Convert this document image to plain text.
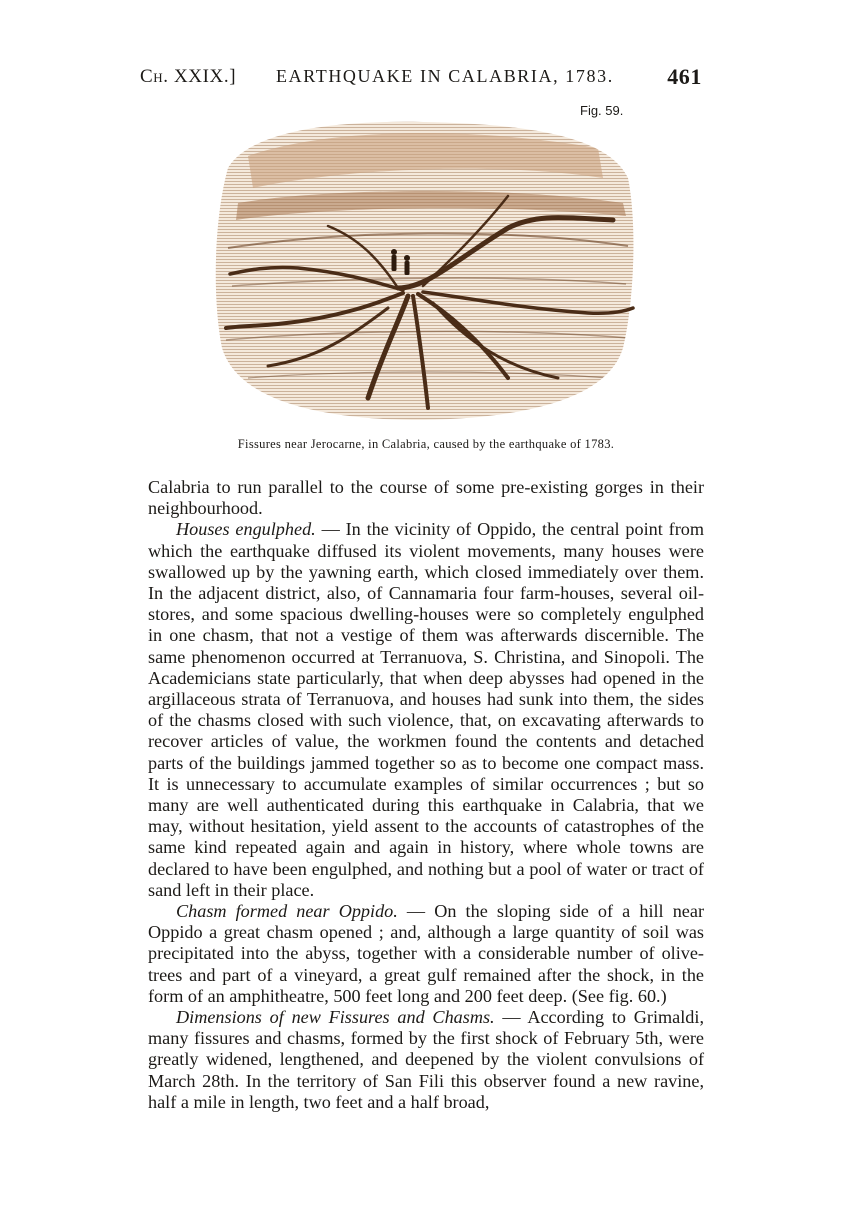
Ch. XXIX.] EARTHQUAKE IN CALABRIA, 1783. 461
Fig. 59.
Fissures near Jerocarne, in Calabria, caused by the earthquake of 1783.

Calabria to run parallel to the course of some pre-existing gorges in their neighbourhood.

Houses engulphed. — In the vicinity of Oppido, the central point from which the earthquake diffused its violent movements, many houses were swallowed up by the yawning earth, which closed immediately over them. In the adjacent district, also, of Cannamaria four farm-houses, several oil-stores, and some spacious dwelling-houses were so completely engulphed in one chasm, that not a vestige of them was afterwards discernible. The same phenomenon occurred at Terranuova, S. Christina, and Sinopoli. The Academicians state particularly, that when deep abysses had opened in the argillaceous strata of Terranuova, and houses had sunk into them, the sides of the chasms closed with such violence, that, on excavating afterwards to recover articles of value, the workmen found the contents and detached parts of the buildings jammed together so as to become one compact mass. It is unnecessary to accumulate examples of similar occurrences ; but so many are well authenticated during this earthquake in Calabria, that we may, without hesitation, yield assent to the accounts of catastrophes of the same kind repeated again and again in history, where whole towns are declared to have been engulphed, and nothing but a pool of water or tract of sand left in their place.

Chasm formed near Oppido. — On the sloping side of a hill near Oppido a great chasm opened ; and, although a large quantity of soil was precipitated into the abyss, together with a considerable number of olive-trees and part of a vineyard, a great gulf remained after the shock, in the form of an amphitheatre, 500 feet long and 200 feet deep. (See fig. 60.)

Dimensions of new Fissures and Chasms. — According to Grimaldi, many fissures and chasms, formed by the first shock of February 5th, were greatly widened, lengthened, and deepened by the violent convulsions of March 28th. In the territory of San Fili this observer found a new ravine, half a mile in length, two feet and a half broad,
